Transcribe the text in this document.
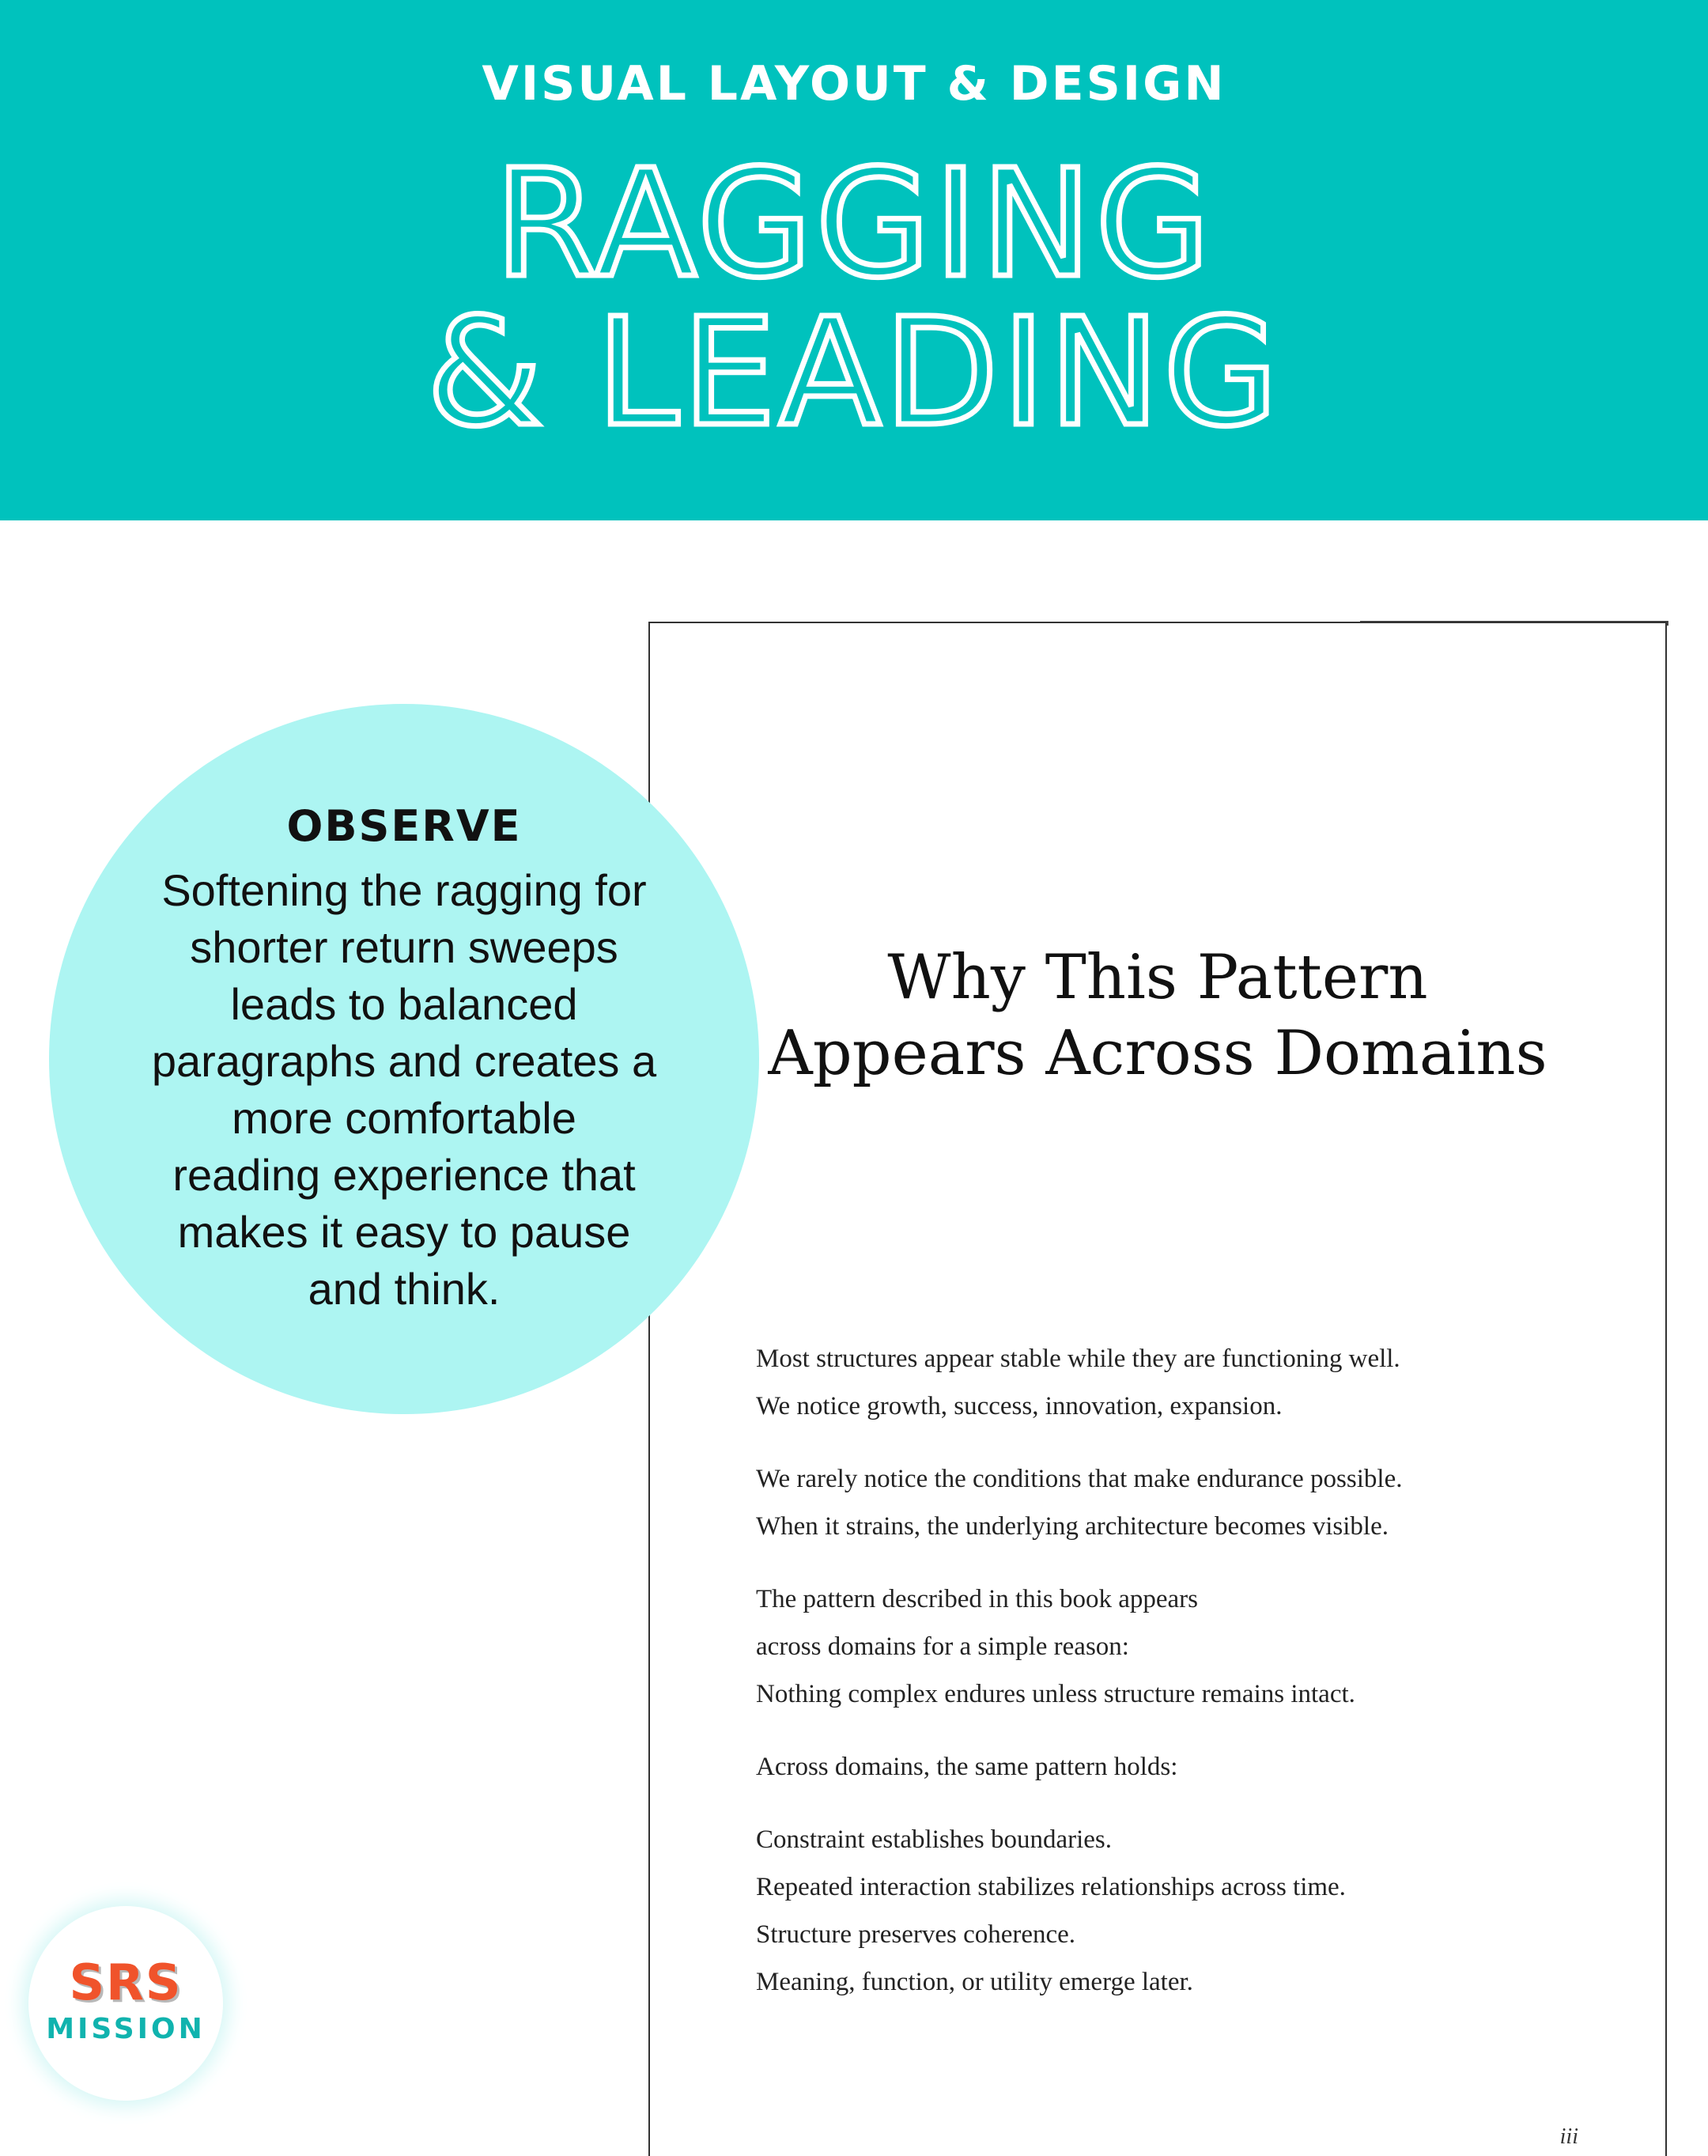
VISUAL LAYOUT & DESIGN
RAGGING
& LEADING
Why This Pattern
Appears Across Domains
Most structures appear stable while they are functioning well.
We notice growth, success, innovation, expansion.
We rarely notice the conditions that make endurance possible.
When it strains, the underlying architecture becomes visible.
The pattern described in this book appears
across domains for a simple reason:
Nothing complex endures unless structure remains intact.
Across domains, the same pattern holds:
Constraint establishes boundaries.
Repeated interaction stabilizes relationships across time.
Structure preserves coherence.
Meaning, function, or utility emerge later.
iii
OBSERVE
Softening the ragging for
shorter return sweeps
leads to balanced
paragraphs and creates a
more comfortable
reading experience that
makes it easy to pause
and think.
SRS
MISSION
